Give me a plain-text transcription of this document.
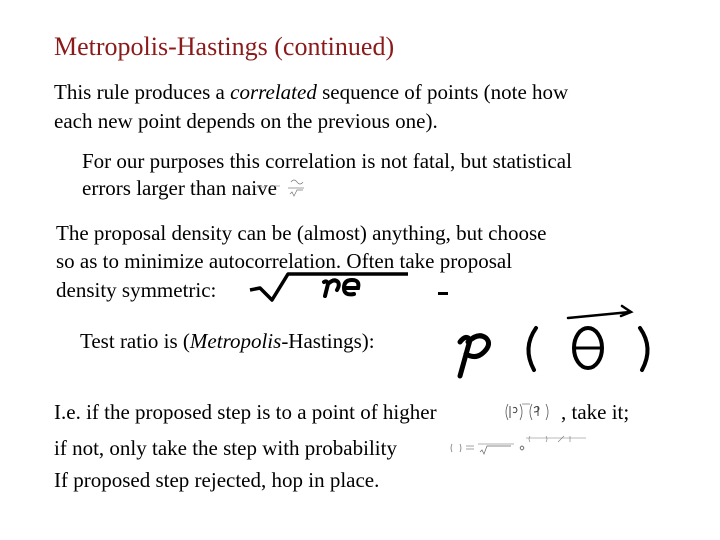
Metropolis-Hastings (continued)
This rule produces a correlated sequence of points (note how
each new point depends on the previous one).
For our purposes this correlation is not fatal, but statistical
errors larger than naive
The proposal density can be (almost) anything, but choose
so as to minimize autocorrelation. Often take proposal
density symmetric:
Test ratio is (Metropolis-Hastings):
I.e. if the proposed step is to a point of higher	, take it;
if not, only take the step with probability
If proposed step rejected, hop in place.
